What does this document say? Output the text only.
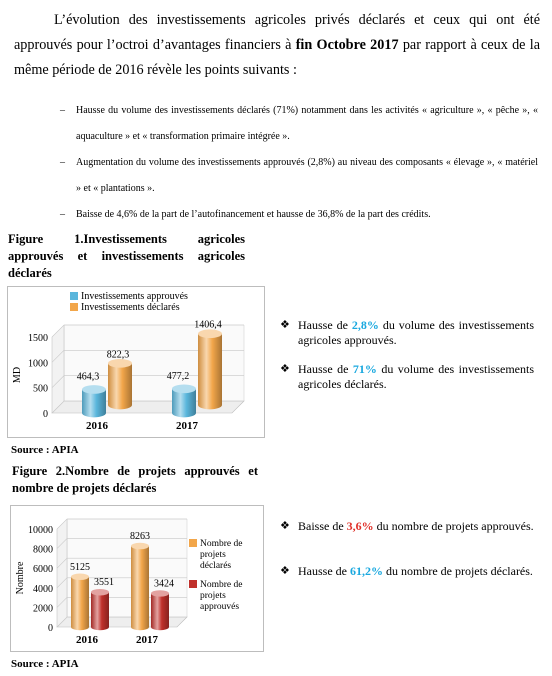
L’évolution des investissements agricoles privés déclarés et ceux qui ont été approuvés pour l’octroi d’avantages financiers à fin Octobre 2017 par rapport à ceux de la même période de 2016 révèle les points suivants :
– Hausse du volume des investissements déclarés (71%) notamment dans les activités « agriculture », « pêche », « aquaculture » et « transformation primaire intégrée ».
– Augmentation du volume des investissements approuvés (2,8%) au niveau des composants « élevage », « matériel » et « plantations ».
– Baisse de 4,6% de la part de l’autofinancement et hausse de 36,8% de la part des crédits.
Figure 1.Investissements agricoles approuvés et investissements agricoles déclarés
0
500
1000
1500
MD	464,3
822,3
2016
477,2
1406,4
2017
Investissements approuvés
Investissements déclarés
Source : APIA
❖ Hausse de 2,8% du volume des investissements agricoles approuvés.
❖ Hausse de 71% du volume des investissements agricoles déclarés.
Figure 2.Nombre de projets approuvés et nombre de projets déclarés
0
2000
4000
6000
8000
10000
Nombre	5125
3551
2016
8263
3424
2017
Nombre de projets déclarés
Nombre de projets approuvés
Source : APIA
❖ Baisse de 3,6% du nombre de projets approuvés.
❖ Hausse de 61,2% du nombre de projets déclarés.
